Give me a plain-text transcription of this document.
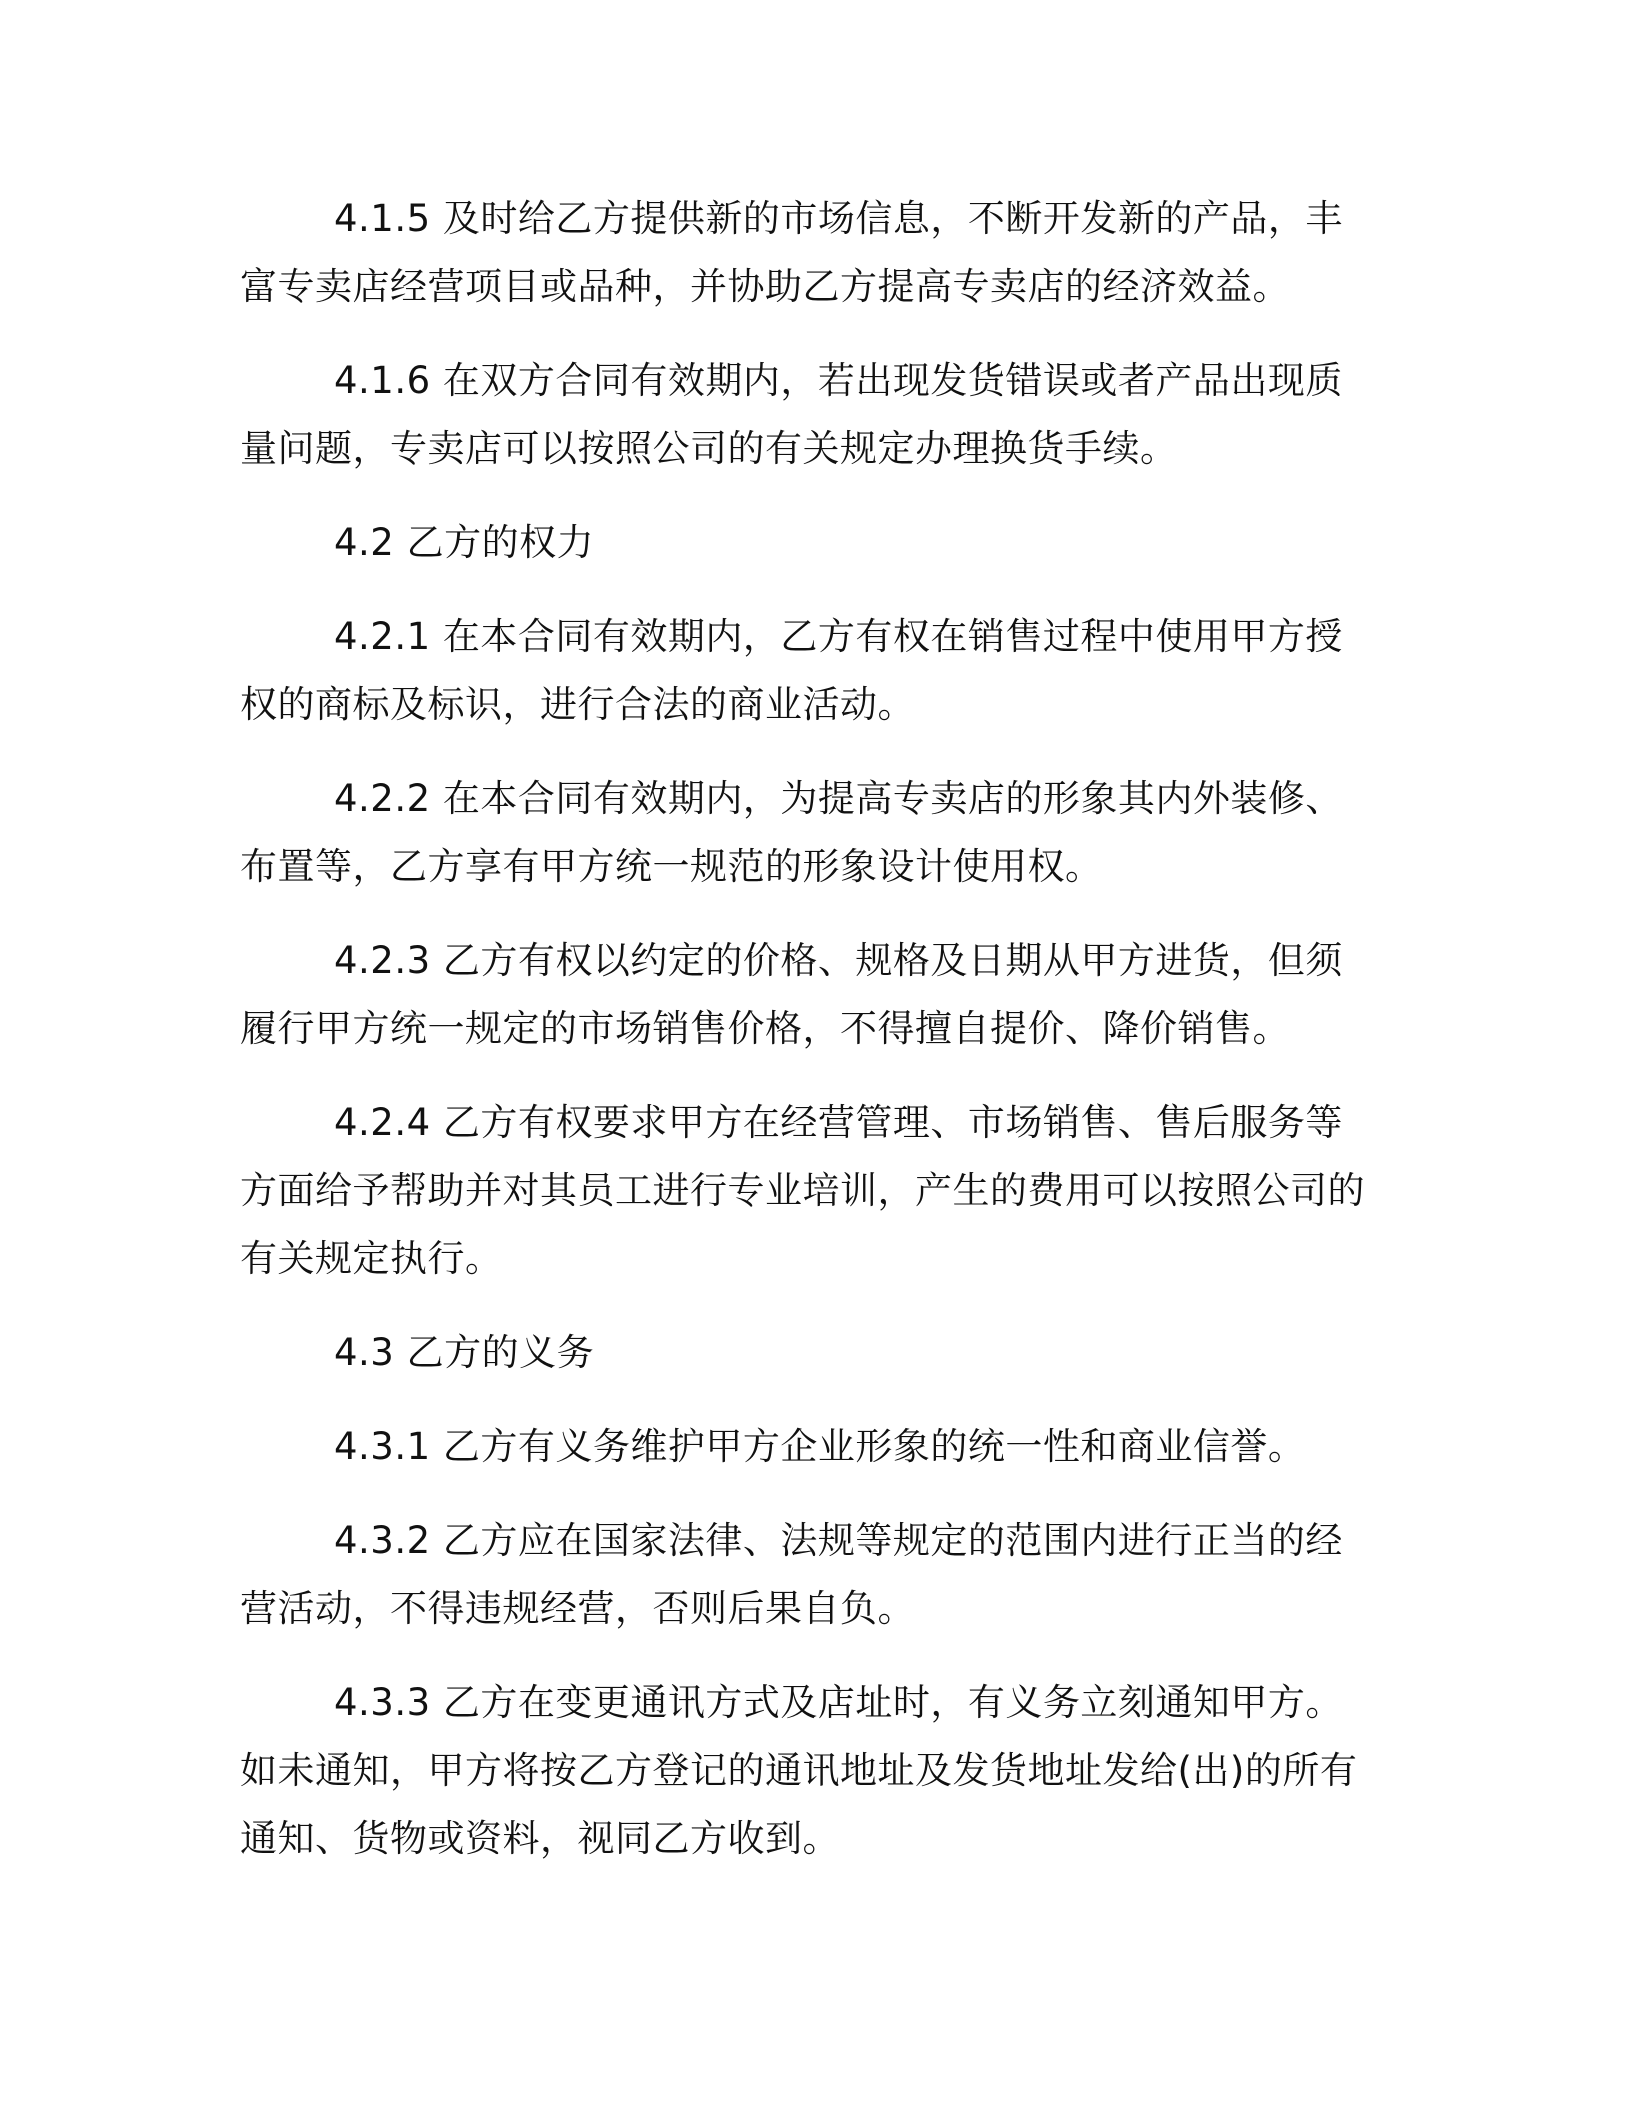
4.1.5 及时给乙方提供新的市场信息，不断开发新的产品，丰富专卖店经营项目或品种，并协助乙方提高专卖店的经济效益。

4.1.6 在双方合同有效期内，若出现发货错误或者产品出现质量问题，专卖店可以按照公司的有关规定办理换货手续。

4.2 乙方的权力

4.2.1 在本合同有效期内，乙方有权在销售过程中使用甲方授权的商标及标识，进行合法的商业活动。

4.2.2 在本合同有效期内，为提高专卖店的形象其内外装修、布置等，乙方享有甲方统一规范的形象设计使用权。

4.2.3 乙方有权以约定的价格、规格及日期从甲方进货，但须履行甲方统一规定的市场销售价格，不得擅自提价、降价销售。

4.2.4 乙方有权要求甲方在经营管理、市场销售、售后服务等方面给予帮助并对其员工进行专业培训，产生的费用可以按照公司的有关规定执行。

4.3 乙方的义务

4.3.1 乙方有义务维护甲方企业形象的统一性和商业信誉。

4.3.2 乙方应在国家法律、法规等规定的范围内进行正当的经营活动，不得违规经营，否则后果自负。

4.3.3 乙方在变更通讯方式及店址时，有义务立刻通知甲方。如未通知，甲方将按乙方登记的通讯地址及发货地址发给(出)的所有通知、货物或资料，视同乙方收到。
